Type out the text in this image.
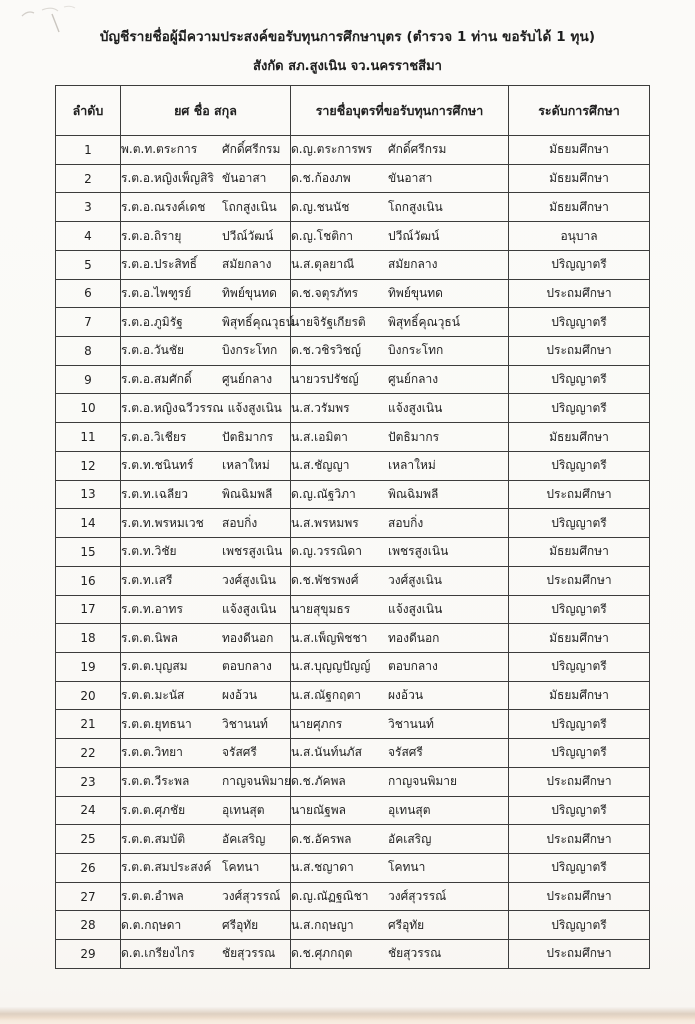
บัญชีรายชื่อผู้มีความประสงค์ขอรับทุนการศึกษาบุตร (ตำรวจ 1 ท่าน ขอรับได้ 1 ทุน)
สังกัด สภ.สูงเนิน จว.นครราชสีมา
ลำดับ	ยศ ชื่อ สกุล	รายชื่อบุตรที่ขอรับทุนการศึกษา	ระดับการศึกษา
1	พ.ต.ท.ตระการ ศักดิ์ศรีกรม	ด.ญ.ตระการพร ศักดิ์ศรีกรม	มัธยมศึกษา
2	ร.ต.อ.หญิงเพ็ญสิริ ขันอาสา	ด.ช.ก้องภพ ขันอาสา	มัธยมศึกษา
3	ร.ต.อ.ณรงค์เดช โถกสูงเนิน	ด.ญ.ชนนัช โถกสูงเนิน	มัธยมศึกษา
4	ร.ต.อ.ถิรายุ ปวีณ์วัฒน์	ด.ญ.โชติกา ปวีณ์วัฒน์	อนุบาล
5	ร.ต.อ.ประสิทธิ์ สมัยกลาง	น.ส.ตุลยาณี สมัยกลาง	ปริญญาตรี
6	ร.ต.อ.ไพฑูรย์ ทิพย์ขุนทด	ด.ช.จตุรภัทร ทิพย์ขุนทด	ประถมศึกษา
7	ร.ต.อ.ภูมิรัฐ พิสุทธิ์คุณวุธน์	นายจิรัฐเกียรติ พิสุทธิ์คุณวุธน์	ปริญญาตรี
8	ร.ต.อ.วันชัย บิงกระโทก	ด.ช.วชิรวิชญ์ บิงกระโทก	ประถมศึกษา
9	ร.ต.อ.สมศักดิ์ ศูนย์กลาง	นายวรปรัชญ์ ศูนย์กลาง	ปริญญาตรี
10	ร.ต.อ.หญิงฉวีวรรณ แจ้งสูงเนิน	น.ส.วรัมพร แจ้งสูงเนิน	ปริญญาตรี
11	ร.ต.อ.วิเชียร ปัตธิมากร	น.ส.เอมิตา ปัตธิมากร	มัธยมศึกษา
12	ร.ต.ท.ชนินทร์ เหลาใหม่	น.ส.ชัญญา เหลาใหม่	ปริญญาตรี
13	ร.ต.ท.เฉลียว พิณฉิมพลี	ด.ญ.ณัฐวิภา พิณฉิมพลี	ประถมศึกษา
14	ร.ต.ท.พรหมเวช สอบกิ่ง	น.ส.พรหมพร สอบกิ่ง	ปริญญาตรี
15	ร.ต.ท.วิชัย เพชรสูงเนิน	ด.ญ.วรรณิดา เพชรสูงเนิน	มัธยมศึกษา
16	ร.ต.ท.เสรี วงศ์สูงเนิน	ด.ช.พัชรพงศ์ วงศ์สูงเนิน	ประถมศึกษา
17	ร.ต.ท.อาทร แจ้งสูงเนิน	นายสุขุมธร แจ้งสูงเนิน	ปริญญาตรี
18	ร.ต.ต.นิพล ทองดีนอก	น.ส.เพ็ญพิชชา ทองดีนอก	มัธยมศึกษา
19	ร.ต.ต.บุญสม ตอบกลาง	น.ส.บุญญปัญญ์ ตอบกลาง	ปริญญาตรี
20	ร.ต.ต.มะนัส ผงอ้วน	น.ส.ณัฐกฤตา ผงอ้วน	มัธยมศึกษา
21	ร.ต.ต.ยุทธนา วิชานนท์	นายศุภกร วิชานนท์	ปริญญาตรี
22	ร.ต.ต.วิทยา จรัสศรี	น.ส.นันท์นภัส จรัสศรี	ปริญญาตรี
23	ร.ต.ต.วีระพล กาญจนพิมาย	ด.ช.ภัคพล กาญจนพิมาย	ประถมศึกษา
24	ร.ต.ต.ศุภชัย อุเทนสุต	นายณัฐพล อุเทนสุต	ปริญญาตรี
25	ร.ต.ต.สมบัติ อัคเสริญ	ด.ช.อัครพล อัคเสริญ	ประถมศึกษา
26	ร.ต.ต.สมประสงค์ โคทนา	น.ส.ชญาดา โคทนา	ปริญญาตรี
27	ร.ต.ต.อำพล วงศ์สุวรรณ์	ด.ญ.ณัฏฐณิชา วงศ์สุวรรณ์	ประถมศึกษา
28	ด.ต.กฤษดา ศรีอุทัย	น.ส.กฤษญา ศรีอุทัย	ปริญญาตรี
29	ด.ต.เกรียงไกร ชัยสุวรรณ	ด.ช.ศุภกฤต ชัยสุวรรณ	ประถมศึกษา
